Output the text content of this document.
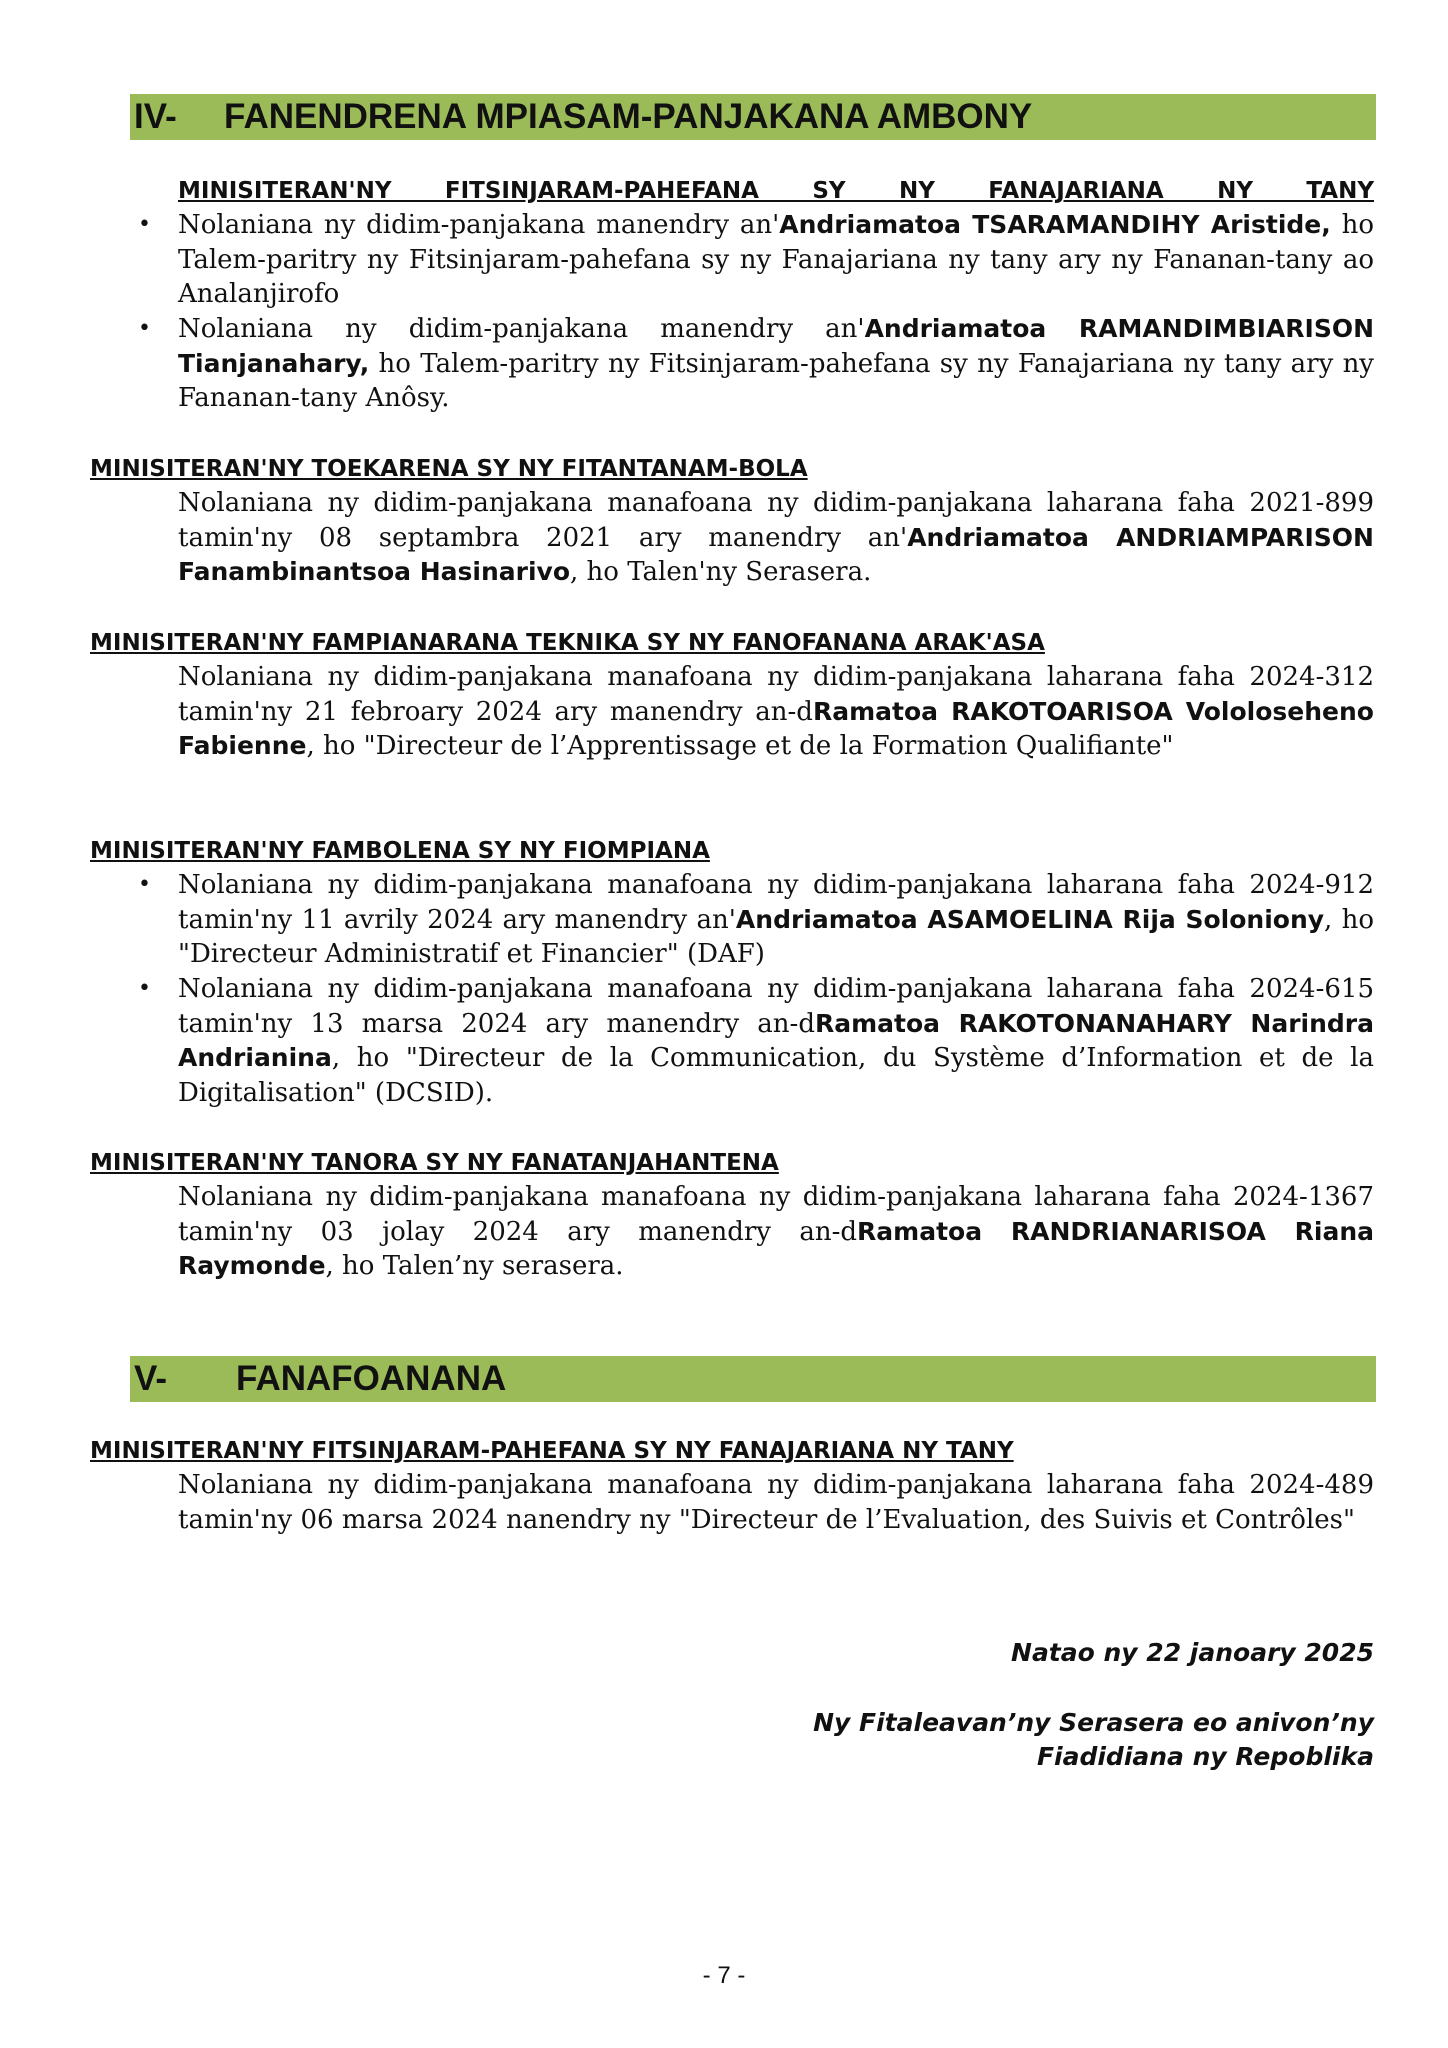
IV- FANENDRENA MPIASAM-PANJAKANA AMBONY
MINISITERAN'NY FITSINJARAM-PAHEFANA SY NY FANAJARIANA NY TANY
• Nolaniana ny didim-panjakana manendry an'Andriamatoa TSARAMANDIHY Aristide, ho Talem-paritry ny Fitsinjaram-pahefana sy ny Fanajariana ny tany ary ny Fananan-tany ao Analanjirofo
• Nolaniana ny didim-panjakana manendry an'Andriamatoa RAMANDIMBIARISON Tianjanahary, ho Talem-paritry ny Fitsinjaram-pahefana sy ny Fanajariana ny tany ary ny Fananan-tany Anôsy.
MINISITERAN'NY TOEKARENA SY NY FITANTANAM-BOLA
Nolaniana ny didim-panjakana manafoana ny didim-panjakana laharana faha 2021-899 tamin'ny 08 septambra 2021 ary manendry an'Andriamatoa ANDRIAMPARISON Fanambinantsoa Hasinarivo, ho Talen'ny Serasera.
MINISITERAN'NY FAMPIANARANA TEKNIKA SY NY FANOFANANA ARAK'ASA
Nolaniana ny didim-panjakana manafoana ny didim-panjakana laharana faha 2024-312 tamin'ny 21 febroary 2024 ary manendry an-dRamatoa RAKOTOARISOA Vololoseheno Fabienne, ho "Directeur de l’Apprentissage et de la Formation Qualifiante"
MINISITERAN'NY FAMBOLENA SY NY FIOMPIANA
• Nolaniana ny didim-panjakana manafoana ny didim-panjakana laharana faha 2024-912 tamin'ny 11 avrily 2024 ary manendry an'Andriamatoa ASAMOELINA Rija Soloniony, ho "Directeur Administratif et Financier" (DAF)
• Nolaniana ny didim-panjakana manafoana ny didim-panjakana laharana faha 2024-615 tamin'ny 13 marsa 2024 ary manendry an-dRamatoa RAKOTONANAHARY Narindra Andrianina, ho "Directeur de la Communication, du Système d’Information et de la Digitalisation" (DCSID).
MINISITERAN'NY TANORA SY NY FANATANJAHANTENA
Nolaniana ny didim-panjakana manafoana ny didim-panjakana laharana faha 2024-1367 tamin'ny 03 jolay 2024 ary manendry an-dRamatoa RANDRIANARISOA Riana Raymonde, ho Talen’ny serasera.
V- FANAFOANANA
MINISITERAN'NY FITSINJARAM-PAHEFANA SY NY FANAJARIANA NY TANY
Nolaniana ny didim-panjakana manafoana ny didim-panjakana laharana faha 2024-489 tamin'ny 06 marsa 2024 nanendry ny "Directeur de l’Evaluation, des Suivis et Contrôles"
Natao ny 22 janoary 2025
Ny Fitaleavan’ny Serasera eo anivon’ny
Fiadidiana ny Repoblika
- 7 -
